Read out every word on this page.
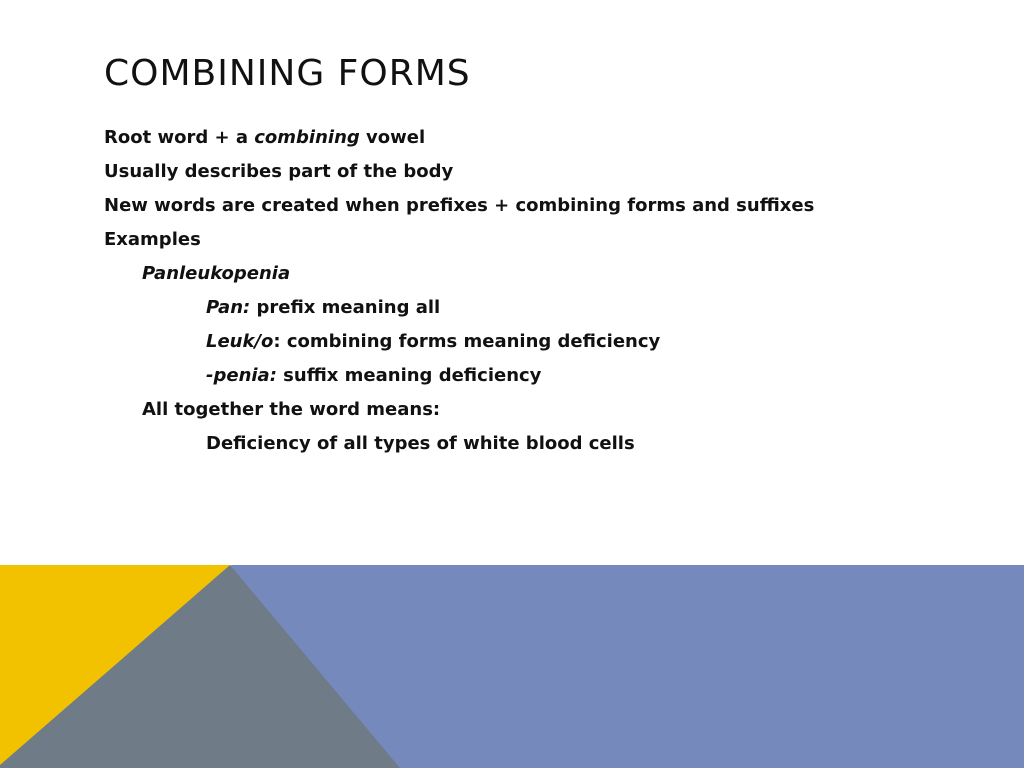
COMBINING FORMS

Root word + a combining vowel

Usually describes part of the body

New words are created when prefixes + combining forms and suffixes

Examples

Panleukopenia

Pan: prefix meaning all

Leuk/o: combining forms meaning deficiency

-penia: suffix meaning deficiency

All together the word means:

Deficiency of all types of white blood cells
